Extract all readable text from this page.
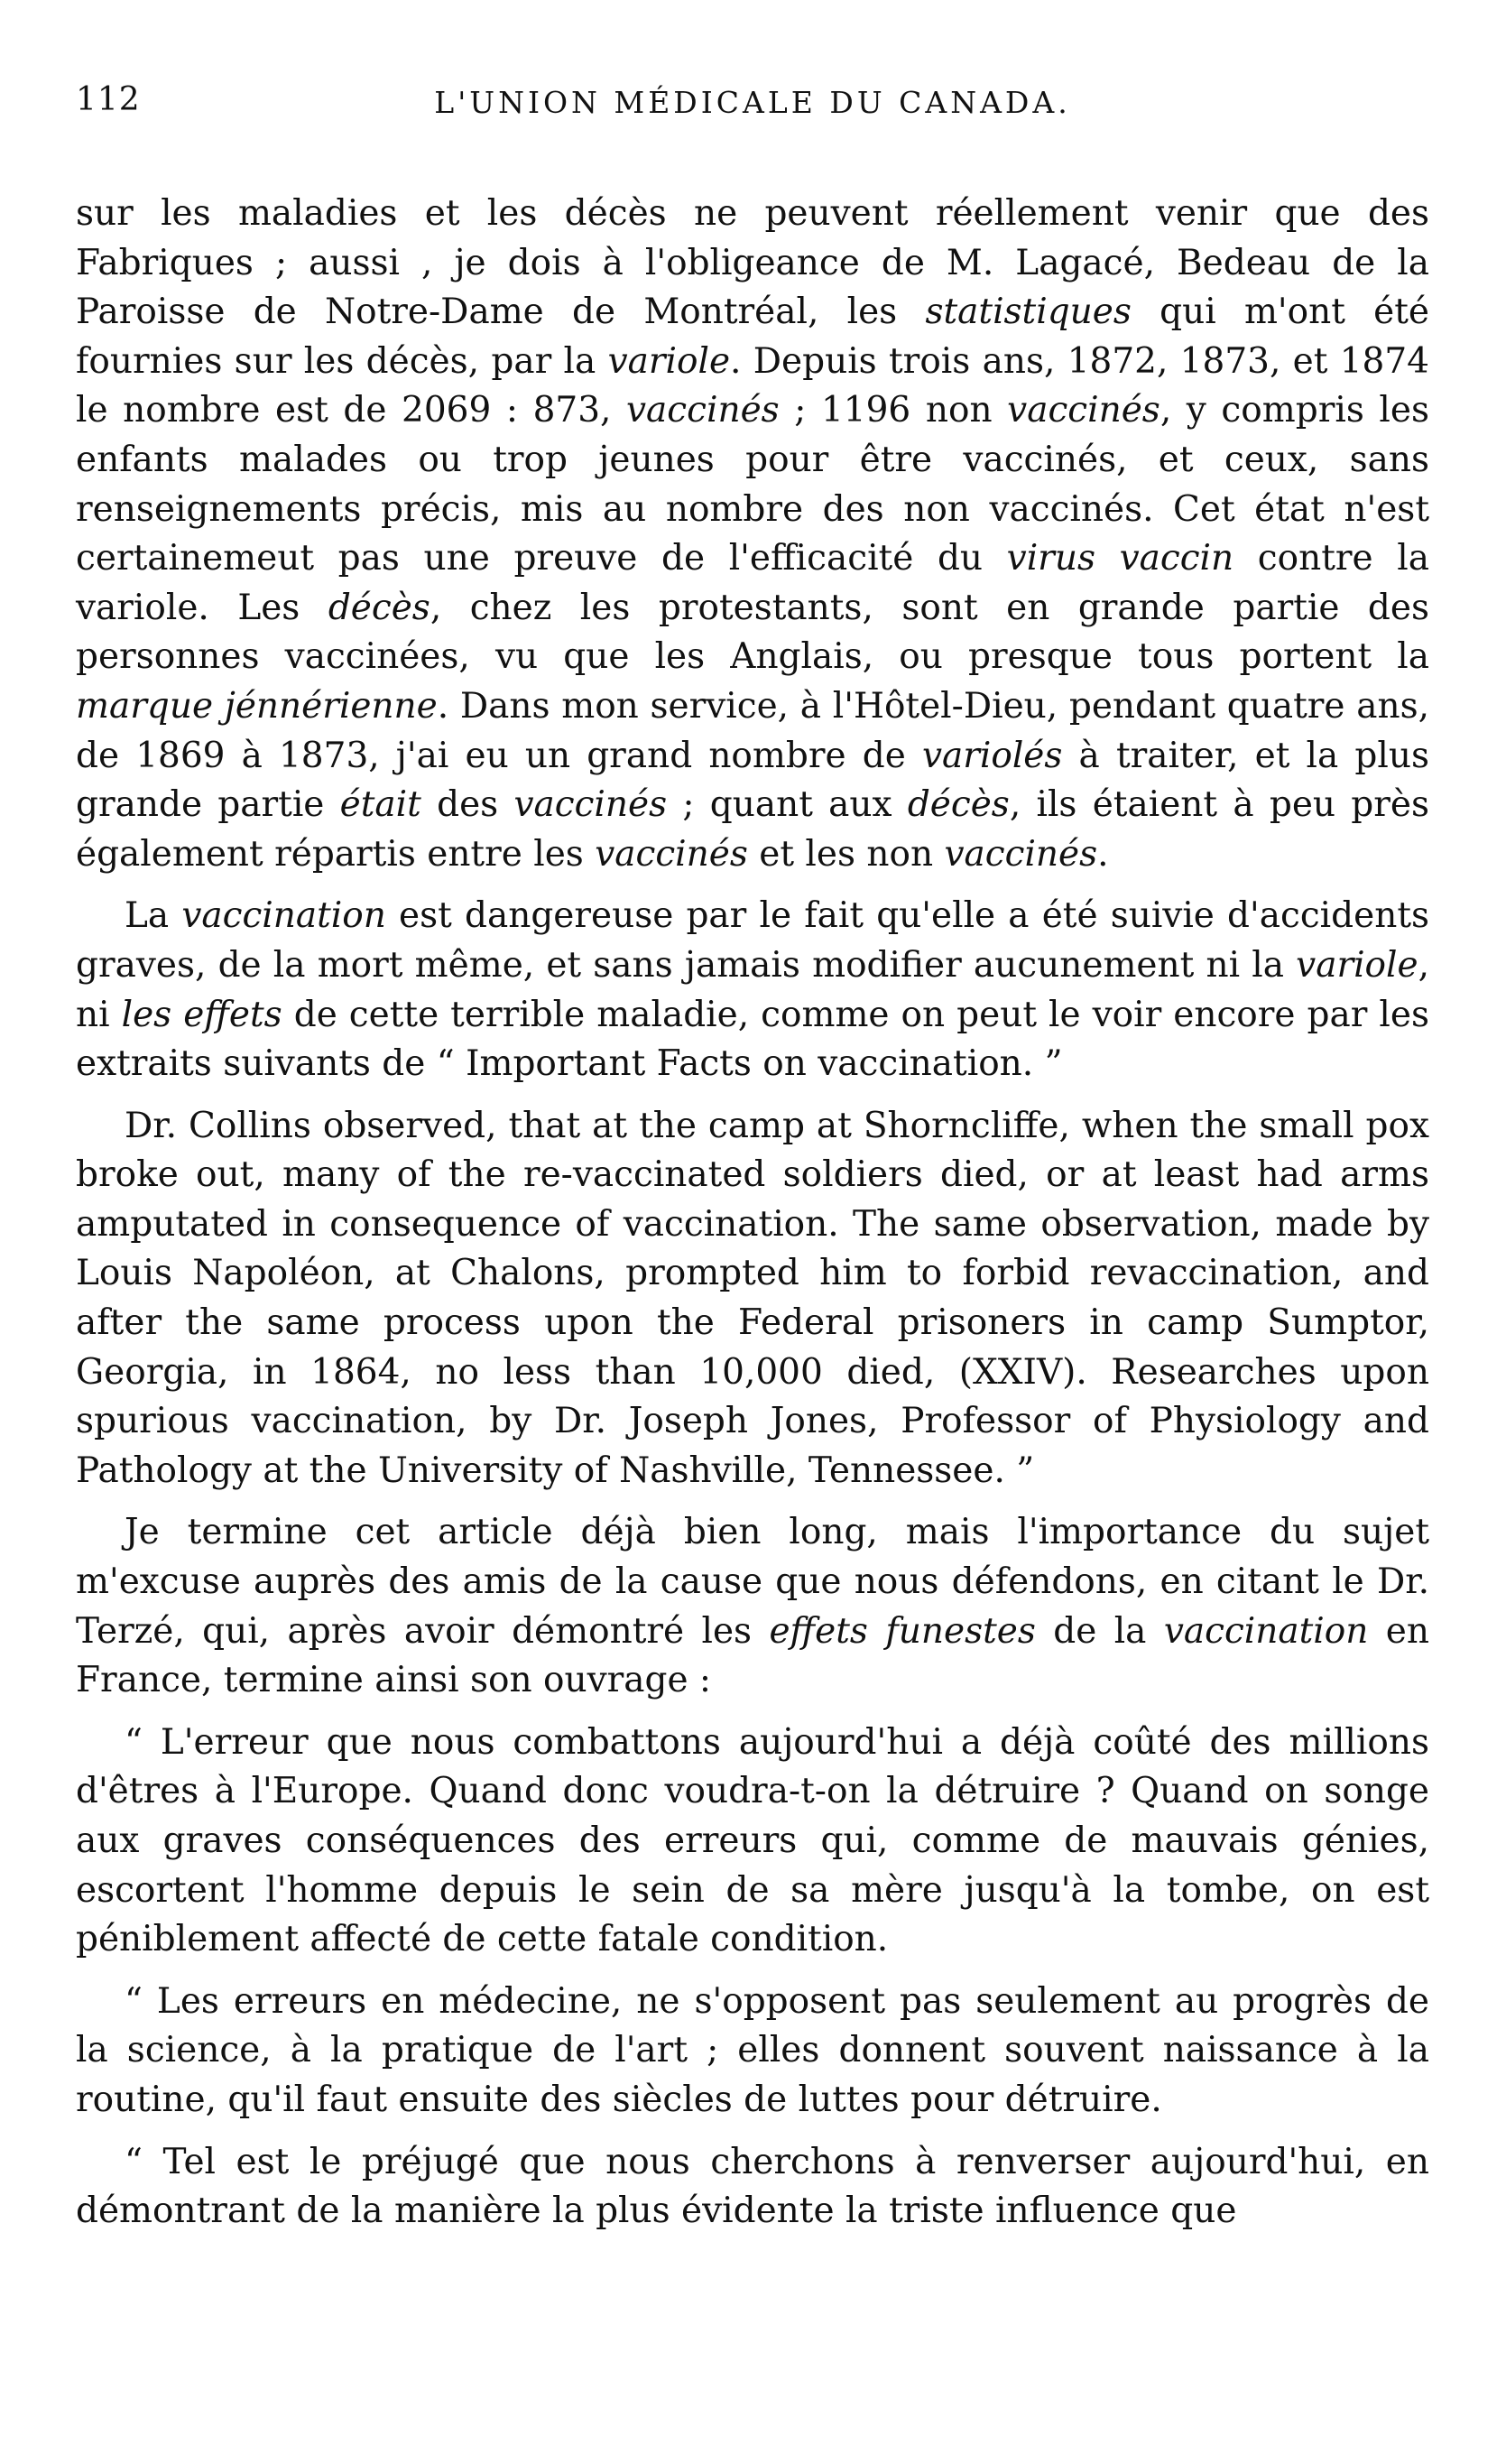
112	L'UNION MÉDICALE DU CANADA.

sur les maladies et les décès ne peuvent réellement venir que des Fabriques ; aussi , je dois à l'obligeance de M. Lagacé, Bedeau de la Paroisse de Notre-Dame de Montréal, les statistiques qui m'ont été fournies sur les décès, par la variole. Depuis trois ans, 1872, 1873, et 1874 le nombre est de 2069 : 873, vaccinés ; 1196 non vaccinés, y compris les enfants malades ou trop jeunes pour être vaccinés, et ceux, sans renseignements précis, mis au nombre des non vaccinés. Cet état n'est certainemeut pas une preuve de l'efficacité du virus vaccin contre la variole. Les décès, chez les protestants, sont en grande partie des personnes vaccinées, vu que les Anglais, ou presque tous portent la marque jénnérienne. Dans mon service, à l'Hôtel-Dieu, pendant quatre ans, de 1869 à 1873, j'ai eu un grand nombre de variolés à traiter, et la plus grande partie était des vaccinés ; quant aux décès, ils étaient à peu près également répartis entre les vaccinés et les non vaccinés.

La vaccination est dangereuse par le fait qu'elle a été suivie d'accidents graves, de la mort même, et sans jamais modifier aucunement ni la variole, ni les effets de cette terrible maladie, comme on peut le voir encore par les extraits suivants de “ Important Facts on vaccination. ”

Dr. Collins observed, that at the camp at Shorncliffe, when the small pox broke out, many of the re-vaccinated soldiers died, or at least had arms amputated in consequence of vaccination. The same observation, made by Louis Napoléon, at Chalons, prompted him to forbid revaccination, and after the same process upon the Federal prisoners in camp Sumptor, Georgia, in 1864, no less than 10,000 died, (XXIV). Researches upon spurious vaccination, by Dr. Joseph Jones, Professor of Physiology and Pathology at the University of Nashville, Tennessee. ”

Je termine cet article déjà bien long, mais l'importance du sujet m'excuse auprès des amis de la cause que nous défendons, en citant le Dr. Terzé, qui, après avoir démontré les effets funestes de la vaccination en France, termine ainsi son ouvrage :

“ L'erreur que nous combattons aujourd'hui a déjà coûté des millions d'êtres à l'Europe. Quand donc voudra-t-on la détruire ? Quand on songe aux graves conséquences des erreurs qui, comme de mauvais génies, escortent l'homme depuis le sein de sa mère jusqu'à la tombe, on est péniblement affecté de cette fatale condition.

“ Les erreurs en médecine, ne s'opposent pas seulement au progrès de la science, à la pratique de l'art ; elles donnent souvent naissance à la routine, qu'il faut ensuite des siècles de luttes pour détruire.

“ Tel est le préjugé que nous cherchons à renverser aujourd'hui, en démontrant de la manière la plus évidente la triste influence que
